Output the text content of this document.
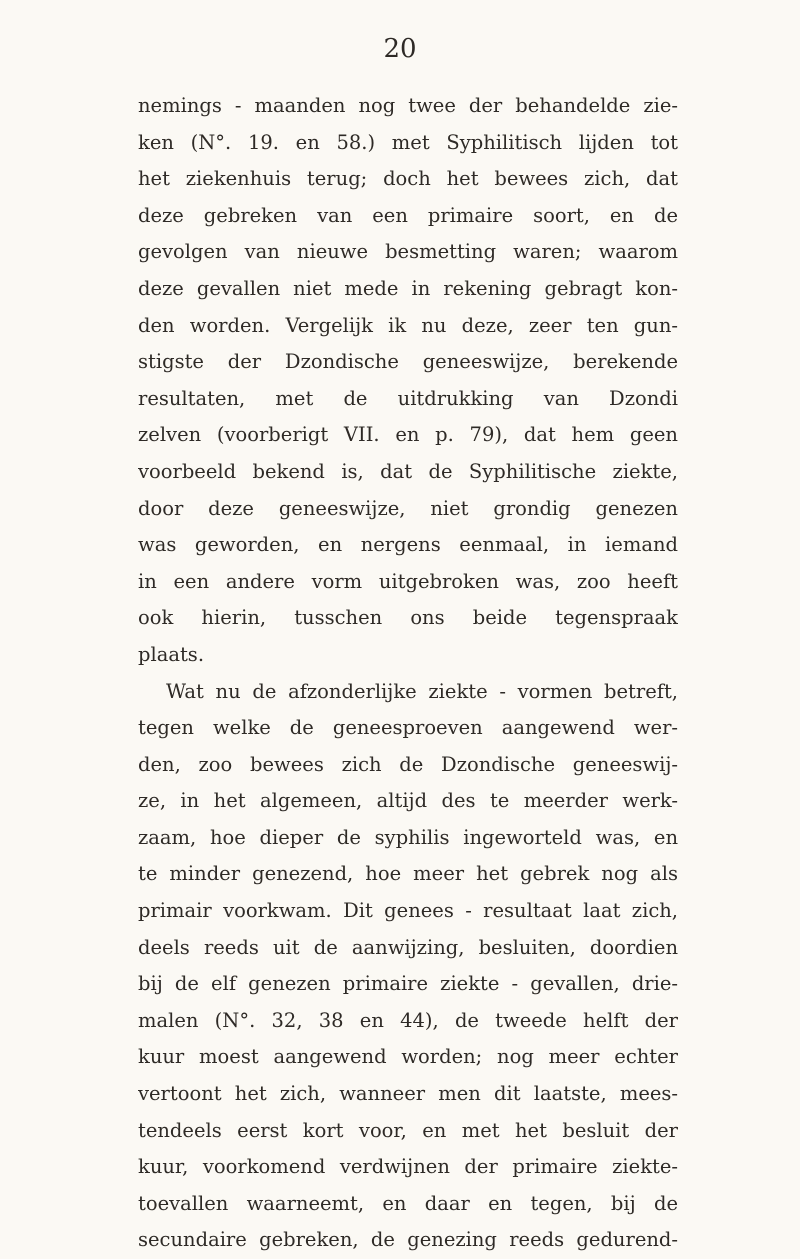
20
nemings - maanden nog twee der behandelde zie-
ken (N°. 19. en 58.) met Syphilitisch lijden tot
het ziekenhuis terug; doch het bewees zich, dat
deze gebreken van een primaire soort, en de
gevolgen van nieuwe besmetting waren; waarom
deze gevallen niet mede in rekening gebragt kon-
den worden. Vergelijk ik nu deze, zeer ten gun-
stigste der Dzondische geneeswijze, berekende
resultaten, met de uitdrukking van Dzondi
zelven (voorberigt VII. en p. 79), dat hem geen
voorbeeld bekend is, dat de Syphilitische ziekte,
door deze geneeswijze, niet grondig genezen
was geworden, en nergens eenmaal, in iemand
in een andere vorm uitgebroken was, zoo heeft
ook hierin, tusschen ons beide tegenspraak
plaats.
Wat nu de afzonderlijke ziekte - vormen betreft,
tegen welke de geneesproeven aangewend wer-
den, zoo bewees zich de Dzondische geneeswij-
ze, in het algemeen, altijd des te meerder werk-
zaam, hoe dieper de syphilis ingeworteld was, en
te minder genezend, hoe meer het gebrek nog als
primair voorkwam. Dit genees - resultaat laat zich,
deels reeds uit de aanwijzing, besluiten, doordien
bij de elf genezen primaire ziekte - gevallen, drie-
malen (N°. 32, 38 en 44), de tweede helft der
kuur moest aangewend worden; nog meer echter
vertoont het zich, wanneer men dit laatste, mees-
tendeels eerst kort voor, en met het besluit der
kuur, voorkomend verdwijnen der primaire ziekte-
toevallen waarneemt, en daar en tegen, bij de
secundaire gebreken, de genezing reeds gedurend-
